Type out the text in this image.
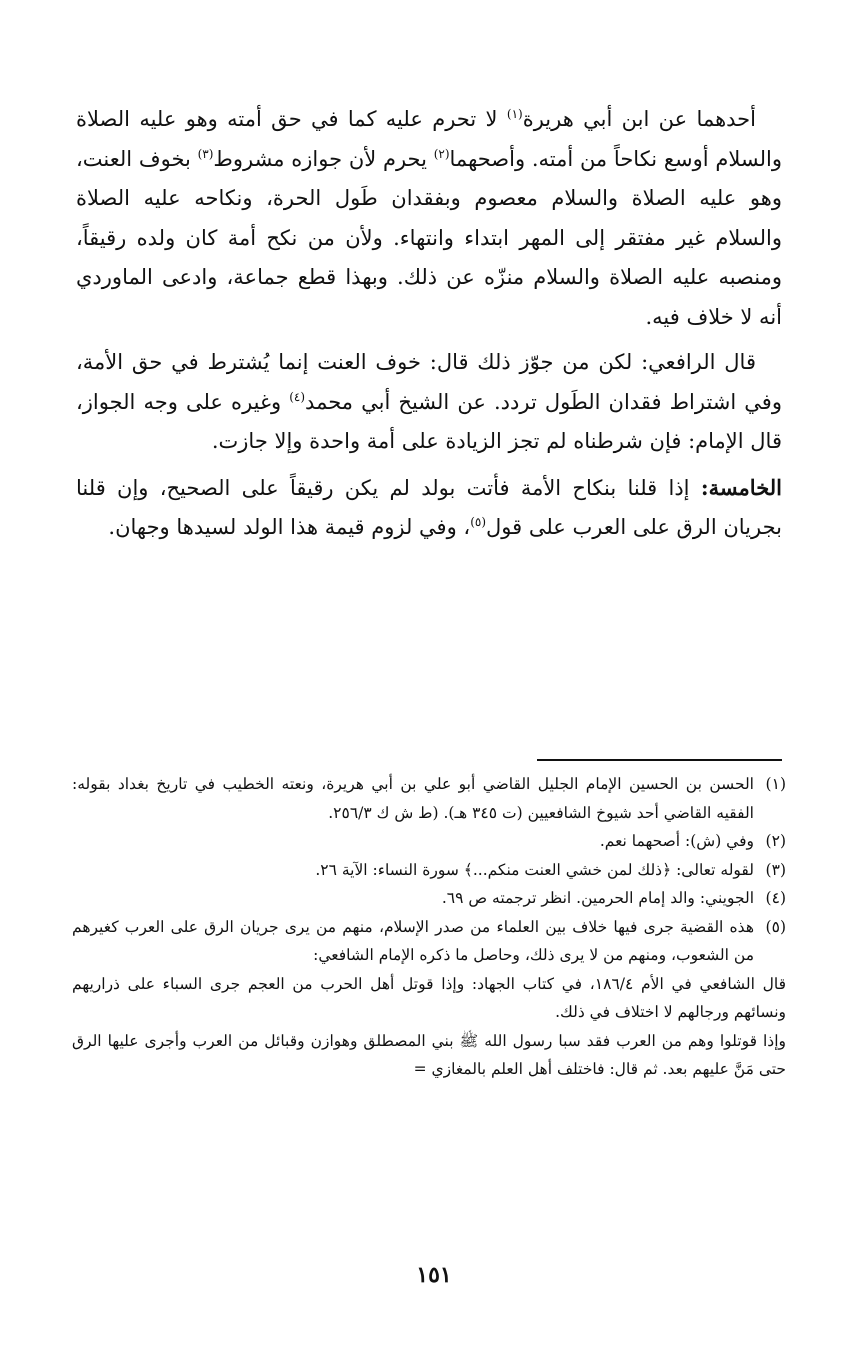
أحدهما عن ابن أبي هريرة$^{(١)}$ لا تحرم عليه كما في حق أمته وهو عليه الصلاة والسلام أوسع نكاحاً من أمته. وأصحهما$^{(٢)}$ يحرم لأن جوازه مشروط$^{(٣)}$ بخوف العنت، وهو عليه الصلاة والسلام معصوم وبفقدان طَول الحرة، ونكاحه عليه الصلاة والسلام غير مفتقر إلى المهر ابتداء وانتهاء. ولأن من نكح أمة كان ولده رقيقاً، ومنصبه عليه الصلاة والسلام منزّه عن ذلك. وبهذا قطع جماعة، وادعى الماوردي أنه لا خلاف فيه.

قال الرافعي: لكن من جوّز ذلك قال: خوف العنت إنما يُشترط في حق الأمة، وفي اشتراط فقدان الطَول تردد. عن الشيخ أبي محمد$^{(٤)}$ وغيره على وجه الجواز، قال الإمام: فإن شرطناه لم تجز الزيادة على أمة واحدة وإلا جازت.

الخامسة: إذا قلنا بنكاح الأمة فأتت بولد لم يكن رقيقاً على الصحيح، وإن قلنا بجريان الرق على العرب على قول$^{(٥)}$، وفي لزوم قيمة هذا الولد لسيدها وجهان.

(١)
الحسن بن الحسين الإمام الجليل القاضي أبو علي بن أبي هريرة، ونعته الخطيب في تاريخ بغداد بقوله: الفقيه القاضي أحد شيوخ الشافعيين (ت ٣٤٥ هـ). (ط ش ك ٢٥٦/٣.
(٢)
وفي (ش): أصحهما نعم.
(٣)
لقوله تعالى: ﴿ذلك لمن خشي العنت منكم...﴾ سورة النساء: الآية ٢٦.
(٤)
الجويني: والد إمام الحرمين. انظر ترجمته ص ٦٩.
(٥)
هذه القضية جرى فيها خلاف بين العلماء من صدر الإسلام، منهم من يرى جريان الرق على العرب كغيرهم من الشعوب، ومنهم من لا يرى ذلك، وحاصل ما ذكره الإمام الشافعي:
قال الشافعي في الأم ١٨٦/٤، في كتاب الجهاد: وإذا قوتل أهل الحرب من العجم جرى السباء على ذراريهم ونسائهم ورجالهم لا اختلاف في ذلك.
وإذا قوتلوا وهم من العرب فقد سبا رسول الله ﷺ بني المصطلق وهوازن وقبائل من العرب وأجرى عليها الرق حتى مَنَّ عليهم بعد. ثم قال: فاختلف أهل العلم بالمغازي =
١٥١
